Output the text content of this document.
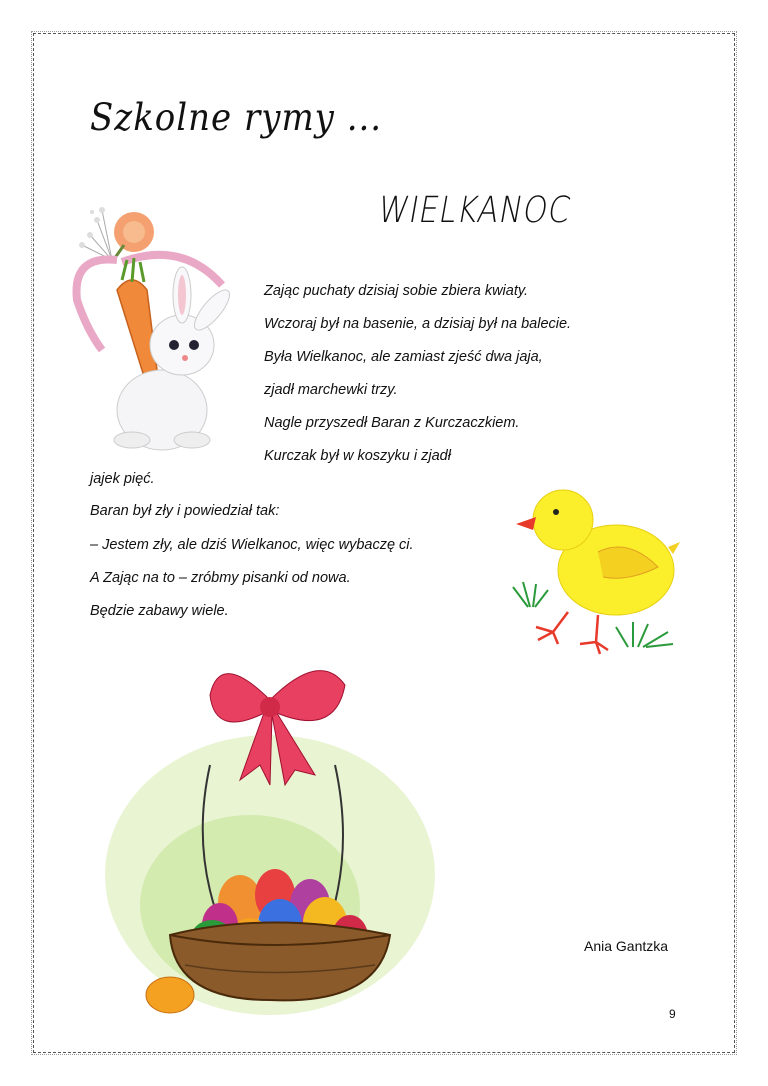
Szkolne rymy ...
WIELKANOC
Zając puchaty dzisiaj sobie zbiera kwiaty.
Wczoraj był na basenie, a dzisiaj był na balecie.
Była Wielkanoc, ale zamiast zjeść dwa jaja,
zjadł marchewki trzy.
Nagle przyszedł Baran z Kurczaczkiem.
Kurczak był w koszyku i zjadł
jajek pięć.
Baran był zły i powiedział tak:
– Jestem zły, ale dziś Wielkanoc, więc wybaczę ci.
A Zając na to – zróbmy pisanki od nowa.
Będzie zabawy wiele.
Ania Gantzka
9
